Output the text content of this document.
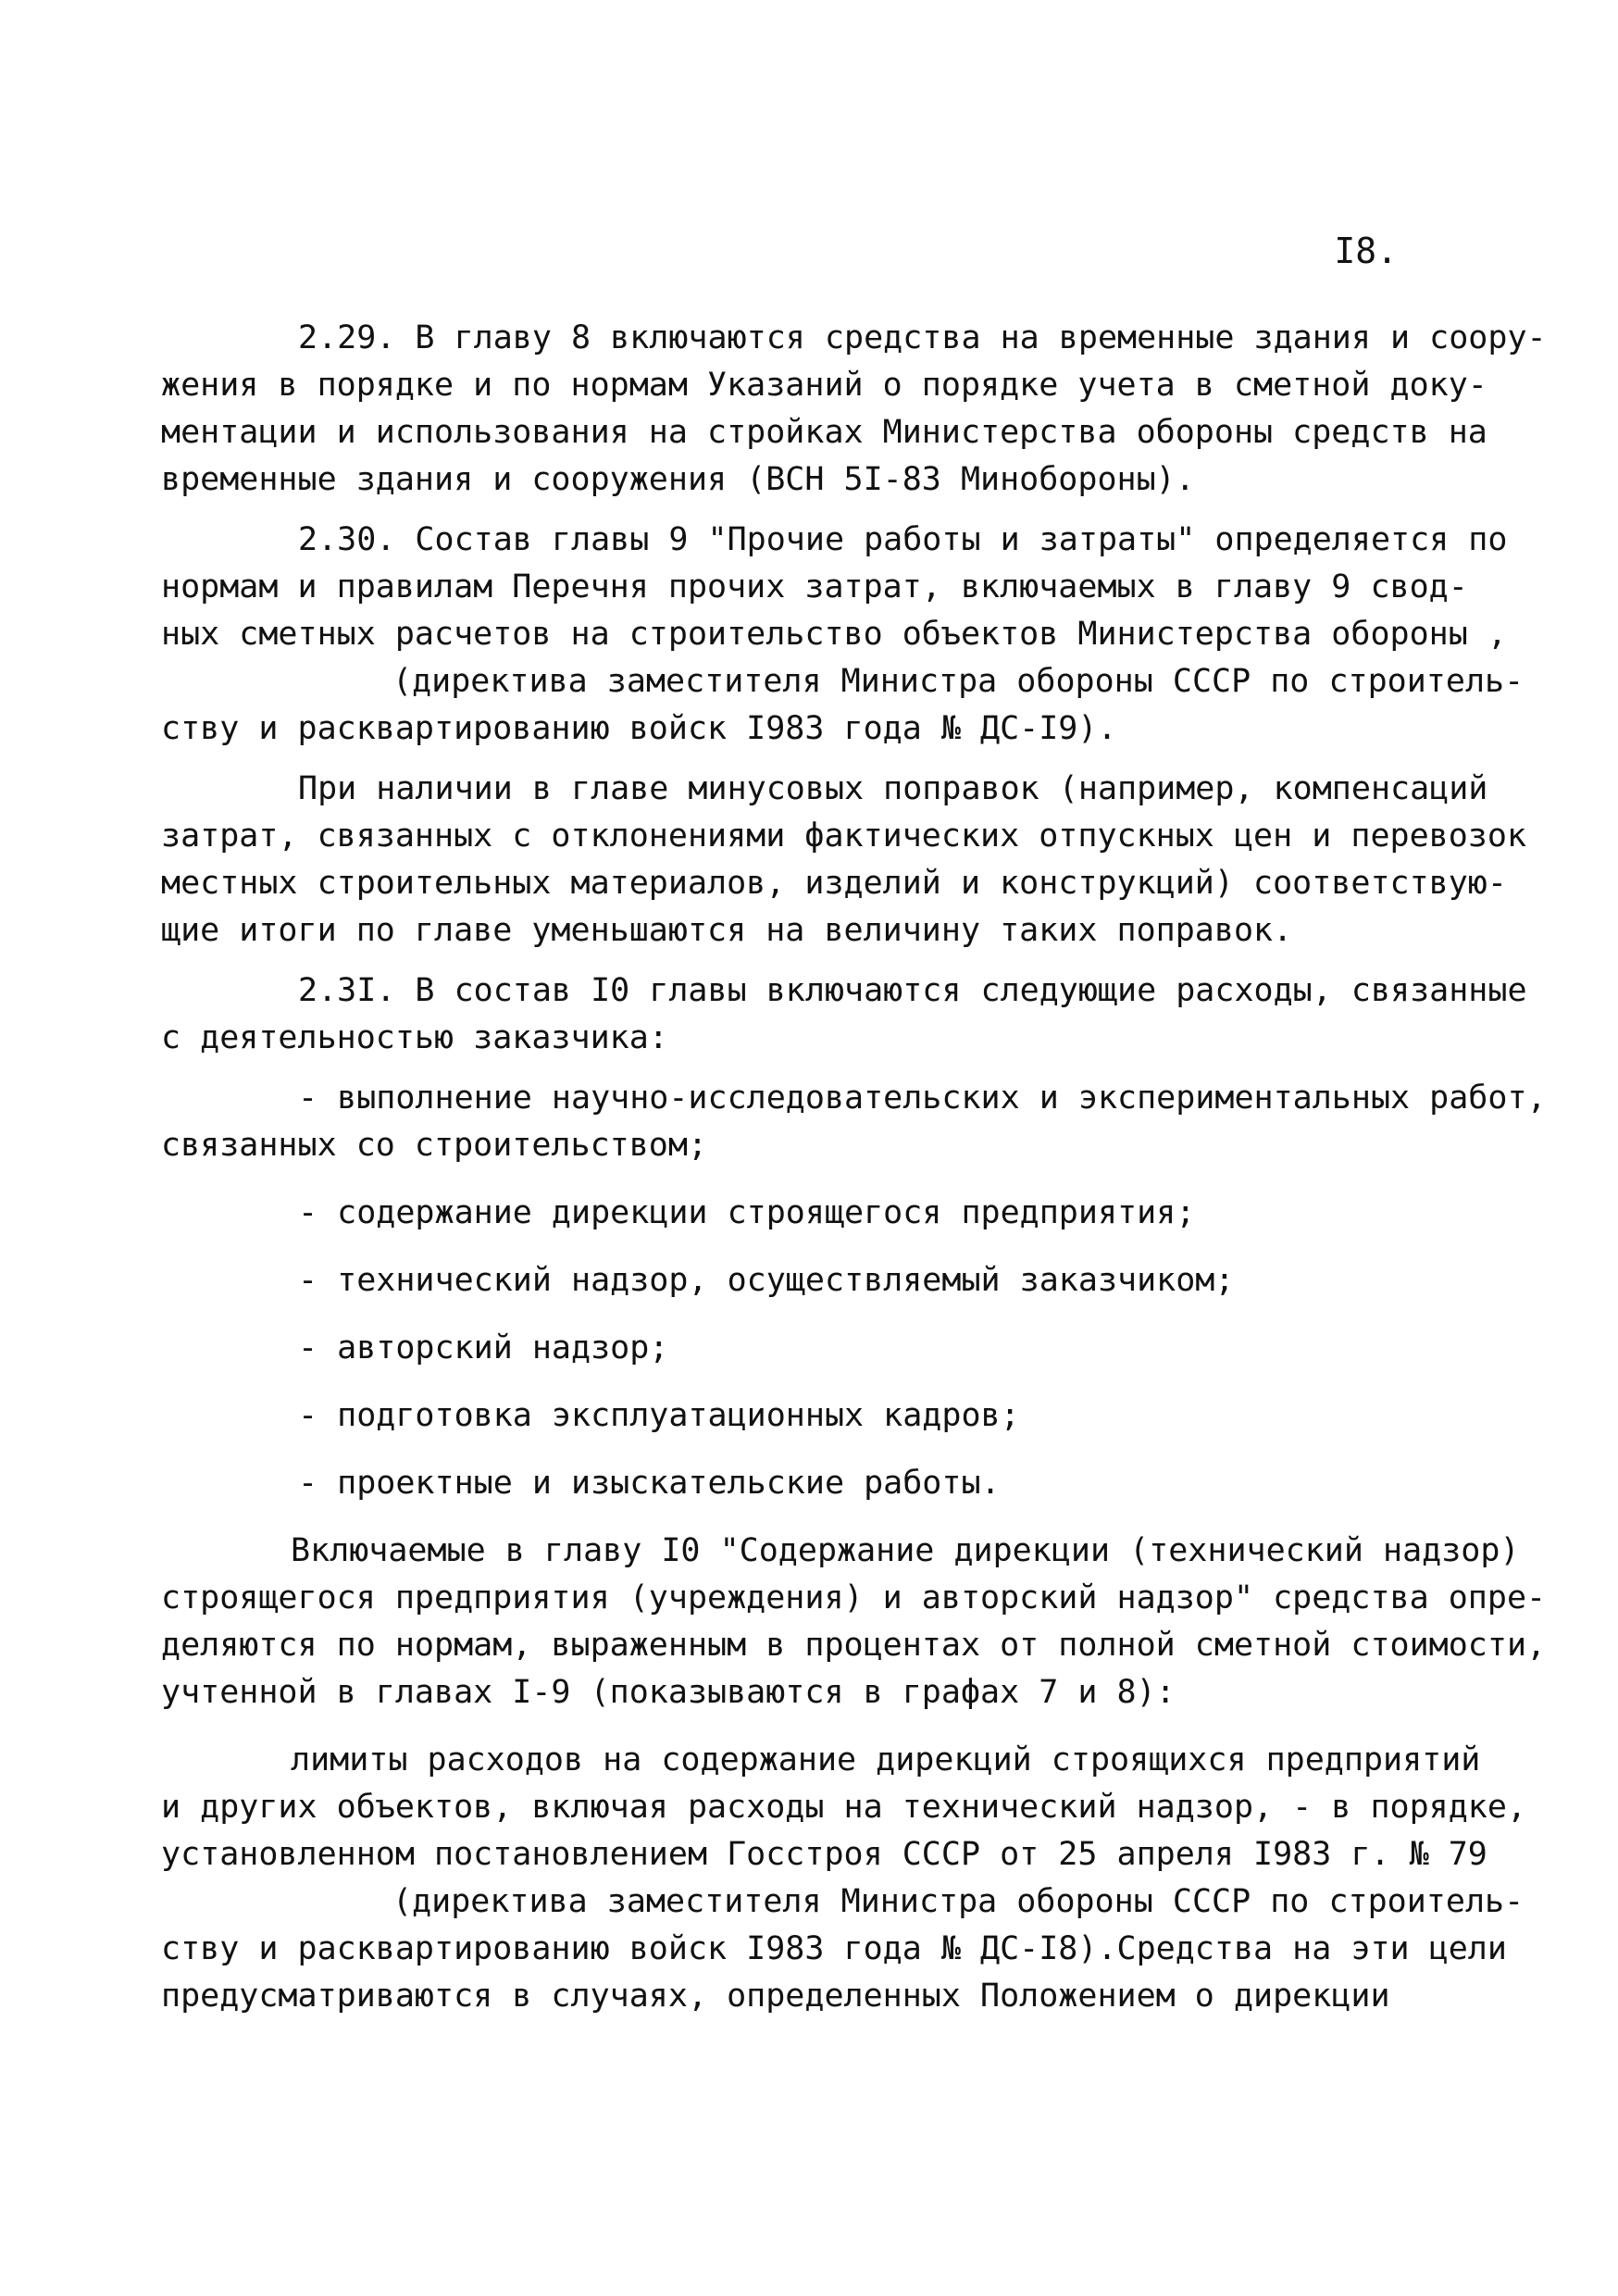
I8.
2.29. В главу 8 включаются средства на временные здания и соору-
жения в порядке и по нормам Указаний о порядке учета в сметной доку-
ментации и использования на стройках Министерства обороны средств на
временные здания и сооружения (ВСН 5I-83 Минобороны).
2.30. Состав главы 9 "Прочие работы и затраты" определяется по
нормам и правилам Перечня прочих затрат, включаемых в главу 9 свод-
ных сметных расчетов на строительство объектов Министерства обороны ,
(директива заместителя Министра обороны СССР по строитель-
ству и расквартированию войск I983 года № ДС-I9).
При наличии в главе минусовых поправок (например, компенсаций
затрат, связанных с отклонениями фактических отпускных цен и перевозок
местных строительных материалов, изделий и конструкций) соответствую-
щие итоги по главе уменьшаются на величину таких поправок.
2.3I. В состав I0 главы включаются следующие расходы, связанные
с деятельностью заказчика:
- выполнение научно-исследовательских и экспериментальных работ,
связанных со строительством;
- содержание дирекции строящегося предприятия;
- технический надзор, осуществляемый заказчиком;
- авторский надзор;
- подготовка эксплуатационных кадров;
- проектные и изыскательские работы.
Включаемые в главу I0 "Содержание дирекции (технический надзор)
строящегося предприятия (учреждения) и авторский надзор" средства опре-
деляются по нормам, выраженным в процентах от полной сметной стоимости,
учтенной в главах I-9 (показываются в графах 7 и 8):
лимиты расходов на содержание дирекций строящихся предприятий
и других объектов, включая расходы на технический надзор, - в порядке,
установленном постановлением Госстроя СССР от 25 апреля I983 г. № 79
(директива заместителя Министра обороны СССР по строитель-
ству и расквартированию войск I983 года № ДС-I8).Средства на эти цели
предусматриваются в случаях, определенных Положением о дирекции
